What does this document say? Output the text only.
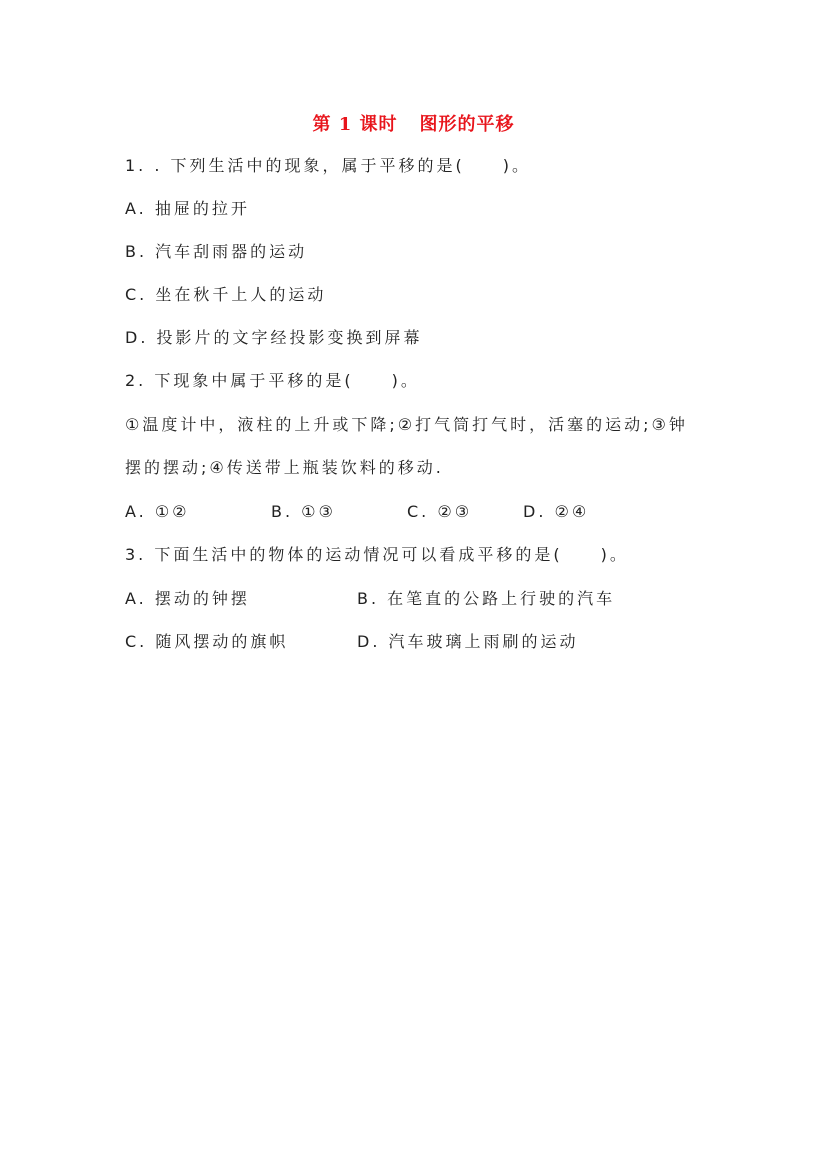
第 1 课时 图形的平移
1. . 下列生活中的现象，属于平移的是(　　)。
A. 抽屉的拉开
B. 汽车刮雨器的运动
C. 坐在秋千上人的运动
D. 投影片的文字经投影变换到屏幕
2. 下现象中属于平移的是(　　)。
①温度计中，液柱的上升或下降;②打气筒打气时，活塞的运动;③钟
摆的摆动;④传送带上瓶装饮料的移动.
A. ①②	B. ①③	C. ②③	D. ②④
3. 下面生活中的物体的运动情况可以看成平移的是(　　)。
A. 摆动的钟摆	B. 在笔直的公路上行驶的汽车
C. 随风摆动的旗帜	D. 汽车玻璃上雨刷的运动
